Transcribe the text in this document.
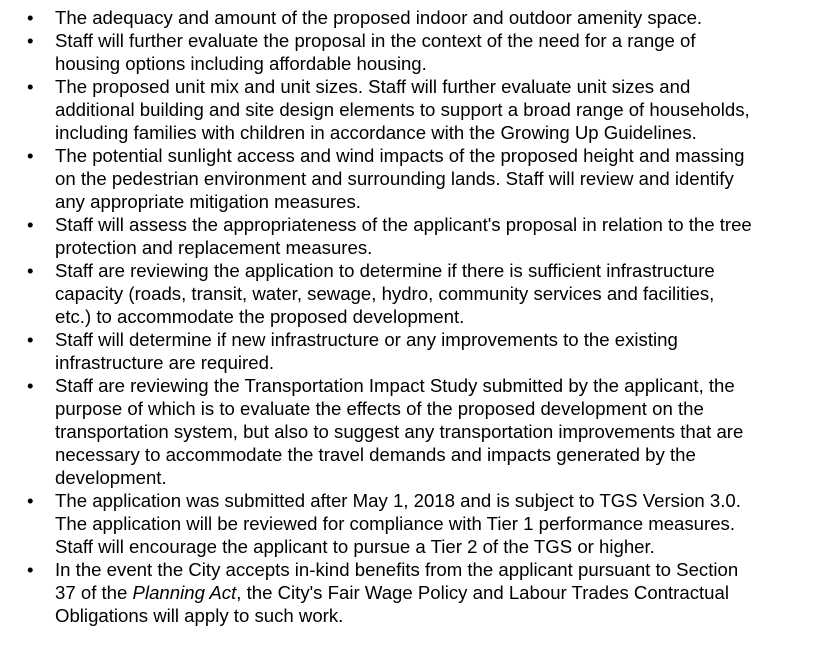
•	The adequacy and amount of the proposed indoor and outdoor amenity space.
•	Staff will further evaluate the proposal in the context of the need for a range of
housing options including affordable housing.
•	The proposed unit mix and unit sizes. Staff will further evaluate unit sizes and
additional building and site design elements to support a broad range of households,
including families with children in accordance with the Growing Up Guidelines.
•	The potential sunlight access and wind impacts of the proposed height and massing
on the pedestrian environment and surrounding lands. Staff will review and identify
any appropriate mitigation measures.
•	Staff will assess the appropriateness of the applicant's proposal in relation to the tree
protection and replacement measures.
•	Staff are reviewing the application to determine if there is sufficient infrastructure
capacity (roads, transit, water, sewage, hydro, community services and facilities,
etc.) to accommodate the proposed development.
•	Staff will determine if new infrastructure or any improvements to the existing
infrastructure are required.
•	Staff are reviewing the Transportation Impact Study submitted by the applicant, the
purpose of which is to evaluate the effects of the proposed development on the
transportation system, but also to suggest any transportation improvements that are
necessary to accommodate the travel demands and impacts generated by the
development.
•	The application was submitted after May 1, 2018 and is subject to TGS Version 3.0.
The application will be reviewed for compliance with Tier 1 performance measures.
Staff will encourage the applicant to pursue a Tier 2 of the TGS or higher.
•	In the event the City accepts in-kind benefits from the applicant pursuant to Section
37 of the Planning Act, the City's Fair Wage Policy and Labour Trades Contractual
Obligations will apply to such work.
